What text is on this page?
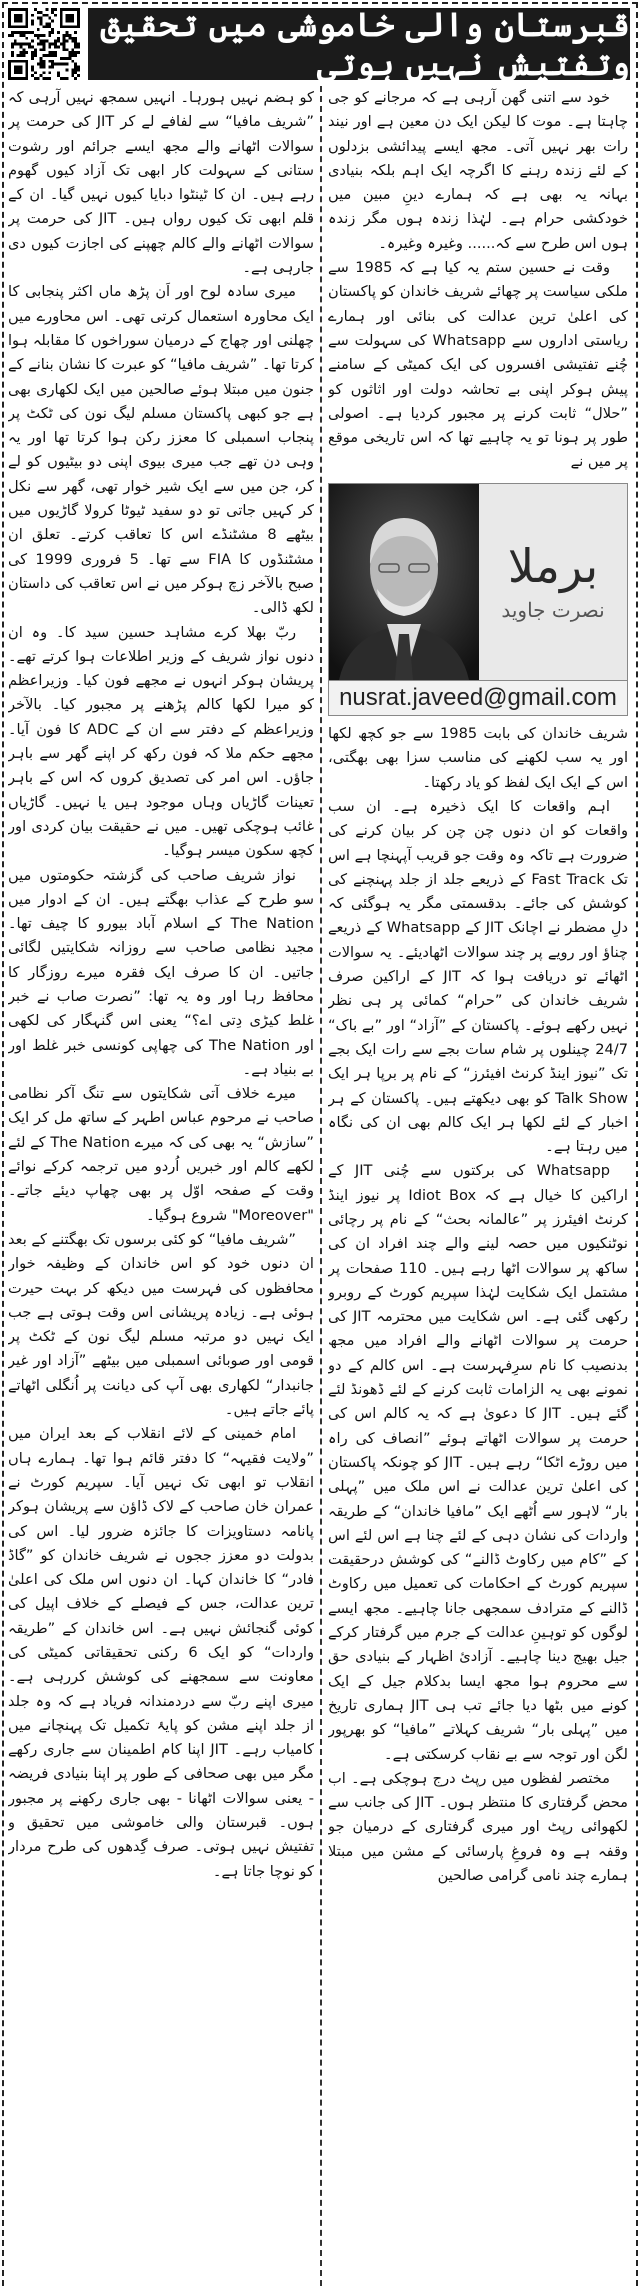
قبرستان والی خاموشی میں تحقیق وتفتیش نہیں ہوتی

خود سے اتنی گھن آرہی ہے کہ مرجانے کو جی چاہتا ہے۔ موت کا لیکن ایک دن معین ہے اور نیند رات بھر نہیں آتی۔ مجھ ایسے پیدائشی بزدلوں کے لئے زندہ رہنے کا اگرچہ ایک اہم بلکہ بنیادی بہانہ یہ بھی ہے کہ ہمارے دینِ مبین میں خودکشی حرام ہے۔ لہٰذا زندہ ہوں مگر زندہ ہوں اس طرح سے کہ...... وغیرہ وغیرہ۔

وقت نے حسین ستم یہ کیا ہے کہ 1985 سے ملکی سیاست پر چھائے شریف خاندان کو پاکستان کی اعلیٰ ترین عدالت کی بنائی اور ہمارے ریاستی اداروں سے Whatsapp کی سہولت سے چُنے تفتیشی افسروں کی ایک کمیٹی کے سامنے پیش ہوکر اپنی بے تحاشہ دولت اور اثاثوں کو ”حلال“ ثابت کرنے پر مجبور کردیا ہے۔ اصولی طور پر ہونا تو یہ چاہیے تھا کہ اس تاریخی موقع پر میں نے

برملا
نصرت جاوید
nusrat.javeed@gmail.com

شریف خاندان کی بابت 1985 سے جو کچھ لکھا اور یہ سب لکھنے کی مناسب سزا بھی بھگتی، اس کے ایک ایک لفظ کو یاد رکھتا۔

اہم واقعات کا ایک ذخیرہ ہے۔ ان سب واقعات کو ان دنوں چن چن کر بیان کرنے کی ضرورت ہے تاکہ وہ وقت جو قریب آپہنچا ہے اس تک Fast Track کے ذریعے جلد از جلد پہنچنے کی کوشش کی جائے۔ بدقسمتی مگر یہ ہوگئی کہ دلِ مضطر نے اچانک JIT کے Whatsapp کے ذریعے چناؤ اور رویے پر چند سوالات اٹھادیئے۔ یہ سوالات اٹھائے تو دریافت ہوا کہ JIT کے اراکین صرف شریف خاندان کی ”حرام“ کمائی پر ہی نظر نہیں رکھے ہوئے۔ پاکستان کے ”آزاد“ اور ”بے باک“ 24/7 چینلوں پر شام سات بجے سے رات ایک بجے تک ”نیوز اینڈ کرنٹ افیئرز“ کے نام پر برپا ہر ایک Talk Show کو بھی دیکھتے ہیں۔ پاکستان کے ہر اخبار کے لئے لکھا ہر ایک کالم بھی ان کی نگاہ میں رہتا ہے۔

Whatsapp کی برکتوں سے چُنی JIT کے اراکین کا خیال ہے کہ Idiot Box پر نیوز اینڈ کرنٹ افیئرز پر ”عالمانہ بحث“ کے نام پر رچائی نوٹنکیوں میں حصہ لینے والے چند افراد ان کی ساکھ پر سوالات اٹھا رہے ہیں۔ 110 صفحات پر مشتمل ایک شکایت لہٰذا سپریم کورٹ کے روبرو رکھی گئی ہے۔ اس شکایت میں محترمہ JIT کی حرمت پر سوالات اٹھانے والے افراد میں مجھ بدنصیب کا نام سرِفہرست ہے۔ اس کالم کے دو نمونے بھی یہ الزامات ثابت کرنے کے لئے ڈھونڈ لئے گئے ہیں۔ JIT کا دعویٰ ہے کہ یہ کالم اس کی حرمت پر سوالات اٹھاتے ہوئے ”انصاف کی راہ میں روڑے اٹکا“ رہے ہیں۔ JIT کو چونکہ پاکستان کی اعلیٰ ترین عدالت نے اس ملک میں ”پہلی بار“ لاہور سے اُٹھے ایک ”مافیا خاندان“ کے طریقہ واردات کی نشان دہی کے لئے چنا ہے اس لئے اس کے ”کام میں رکاوٹ ڈالنے“ کی کوشش درحقیقت سپریم کورٹ کے احکامات کی تعمیل میں رکاوٹ ڈالنے کے مترادف سمجھی جانا چاہیے۔ مجھ ایسے لوگوں کو توہینِ عدالت کے جرم میں گرفتار کرکے جیل بھیج دینا چاہیے۔ آزادیٔ اظہار کے بنیادی حق سے محروم ہوا مجھ ایسا بدکلام جیل کے ایک کونے میں بٹھا دیا جائے تب ہی JIT ہماری تاریخ میں ”پہلی بار“ شریف کہلاتے ”مافیا“ کو بھرپور لگن اور توجہ سے بے نقاب کرسکتی ہے۔

مختصر لفظوں میں رپٹ درج ہوچکی ہے۔ اب محض گرفتاری کا منتظر ہوں۔ JIT کی جانب سے لکھوائی رپٹ اور میری گرفتاری کے درمیان جو وقفہ ہے وہ فروغِ پارسائی کے مشن میں مبتلا ہمارے چند نامی گرامی صالحین

کو ہضم نہیں ہورہا۔ انہیں سمجھ نہیں آرہی کہ ”شریف مافیا“ سے لفافے لے کر JIT کی حرمت پر سوالات اٹھانے والے مجھ ایسے جرائم اور رشوت ستانی کے سہولت کار ابھی تک آزاد کیوں گھوم رہے ہیں۔ ان کا ٹینٹوا دبایا کیوں نہیں گیا۔ ان کے قلم ابھی تک کیوں رواں ہیں۔ JIT کی حرمت پر سوالات اٹھانے والے کالم چھپنے کی اجازت کیوں دی جارہی ہے۔

میری سادہ لوح اور اَن پڑھ ماں اکثر پنجابی کا ایک محاورہ استعمال کرتی تھی۔ اس محاورے میں چھلنی اور چھاج کے درمیان سوراخوں کا مقابلہ ہوا کرتا تھا۔ ”شریف مافیا“ کو عبرت کا نشان بنانے کے جنون میں مبتلا ہوئے صالحین میں ایک لکھاری بھی ہے جو کبھی پاکستان مسلم لیگ نون کی ٹکٹ پر پنجاب اسمبلی کا معزز رکن ہوا کرتا تھا اور یہ وہی دن تھے جب میری بیوی اپنی دو بیٹیوں کو لے کر، جن میں سے ایک شیر خوار تھی، گھر سے نکل کر کہیں جاتی تو دو سفید ٹیوٹا کرولا گاڑیوں میں بیٹھے 8 مشٹنڈے اس کا تعاقب کرتے۔ تعلق ان مشٹنڈوں کا FIA سے تھا۔ 5 فروری 1999 کی صبح بالآخر زچ ہوکر میں نے اس تعاقب کی داستان لکھ ڈالی۔

ربّ بھلا کرے مشاہد حسین سید کا۔ وہ ان دنوں نواز شریف کے وزیر اطلاعات ہوا کرتے تھے۔ پریشان ہوکر انہوں نے مجھے فون کیا۔ وزیراعظم کو میرا لکھا کالم پڑھنے پر مجبور کیا۔ بالآخر وزیراعظم کے دفتر سے ان کے ADC کا فون آیا۔ مجھے حکم ملا کہ فون رکھ کر اپنے گھر سے باہر جاؤں۔ اس امر کی تصدیق کروں کہ اس کے باہر تعینات گاڑیاں وہاں موجود ہیں یا نہیں۔ گاڑیاں غائب ہوچکی تھیں۔ میں نے حقیقت بیان کردی اور کچھ سکون میسر ہوگیا۔

نواز شریف صاحب کی گزشتہ حکومتوں میں سو طرح کے عذاب بھگتے ہیں۔ ان کے ادوار میں The Nation کے اسلام آباد بیورو کا چیف تھا۔ مجید نظامی صاحب سے روزانہ شکایتیں لگائی جاتیں۔ ان کا صرف ایک فقرہ میرے روزگار کا محافظ رہا اور وہ یہ تھا: ”نصرت صاب نے خبر غلط کیڑی دِتی اے؟“ یعنی اس گنہگار کی لکھی اور The Nation کی چھاپی کونسی خبر غلط اور بے بنیاد ہے۔

میرے خلاف آتی شکایتوں سے تنگ آکر نظامی صاحب نے مرحوم عباس اطہر کے ساتھ مل کر ایک ”سازش“ یہ بھی کی کہ میرے The Nation کے لئے لکھے کالم اور خبریں اُردو میں ترجمہ کرکے نوائے وقت کے صفحہ اوّل پر بھی چھاپ دیئے جاتے۔ "Moreover" شروع ہوگیا۔

”شریف مافیا“ کو کئی برسوں تک بھگتنے کے بعد ان دنوں خود کو اس خاندان کے وظیفہ خوار محافظوں کی فہرست میں دیکھ کر بہت حیرت ہوئی ہے۔ زیادہ پریشانی اس وقت ہوتی ہے جب ایک نہیں دو مرتبہ مسلم لیگ نون کے ٹکٹ پر قومی اور صوبائی اسمبلی میں بیٹھے ”آزاد اور غیر جانبدار“ لکھاری بھی آپ کی دیانت پر اُنگلی اٹھاتے پائے جاتے ہیں۔

امام خمینی کے لائے انقلاب کے بعد ایران میں ”ولایت فقیہہ“ کا دفتر قائم ہوا تھا۔ ہمارے ہاں انقلاب تو ابھی تک نہیں آیا۔ سپریم کورٹ نے عمران خان صاحب کے لاک ڈاؤن سے پریشان ہوکر پانامہ دستاویزات کا جائزہ ضرور لیا۔ اس کی بدولت دو معزز ججوں نے شریف خاندان کو ”گاڈ فادر“ کا خاندان کہا۔ ان دنوں اس ملک کی اعلیٰ ترین عدالت، جس کے فیصلے کے خلاف اپیل کی کوئی گنجائش نہیں ہے۔ اس خاندان کے ”طریقہ واردات“ کو ایک 6 رکنی تحقیقاتی کمیٹی کی معاونت سے سمجھنے کی کوشش کررہی ہے۔ میری اپنے ربّ سے دردمندانہ فریاد ہے کہ وہ جلد از جلد اپنے مشن کو پایۂ تکمیل تک پہنچانے میں کامیاب رہے۔ JIT اپنا کام اطمینان سے جاری رکھے مگر میں بھی صحافی کے طور پر اپنا بنیادی فریضہ - یعنی سوالات اٹھانا - بھی جاری رکھنے پر مجبور ہوں۔ قبرستان والی خاموشی میں تحقیق و تفتیش نہیں ہوتی۔ صرف گِدھوں کی طرح مردار کو نوچا جاتا ہے۔
